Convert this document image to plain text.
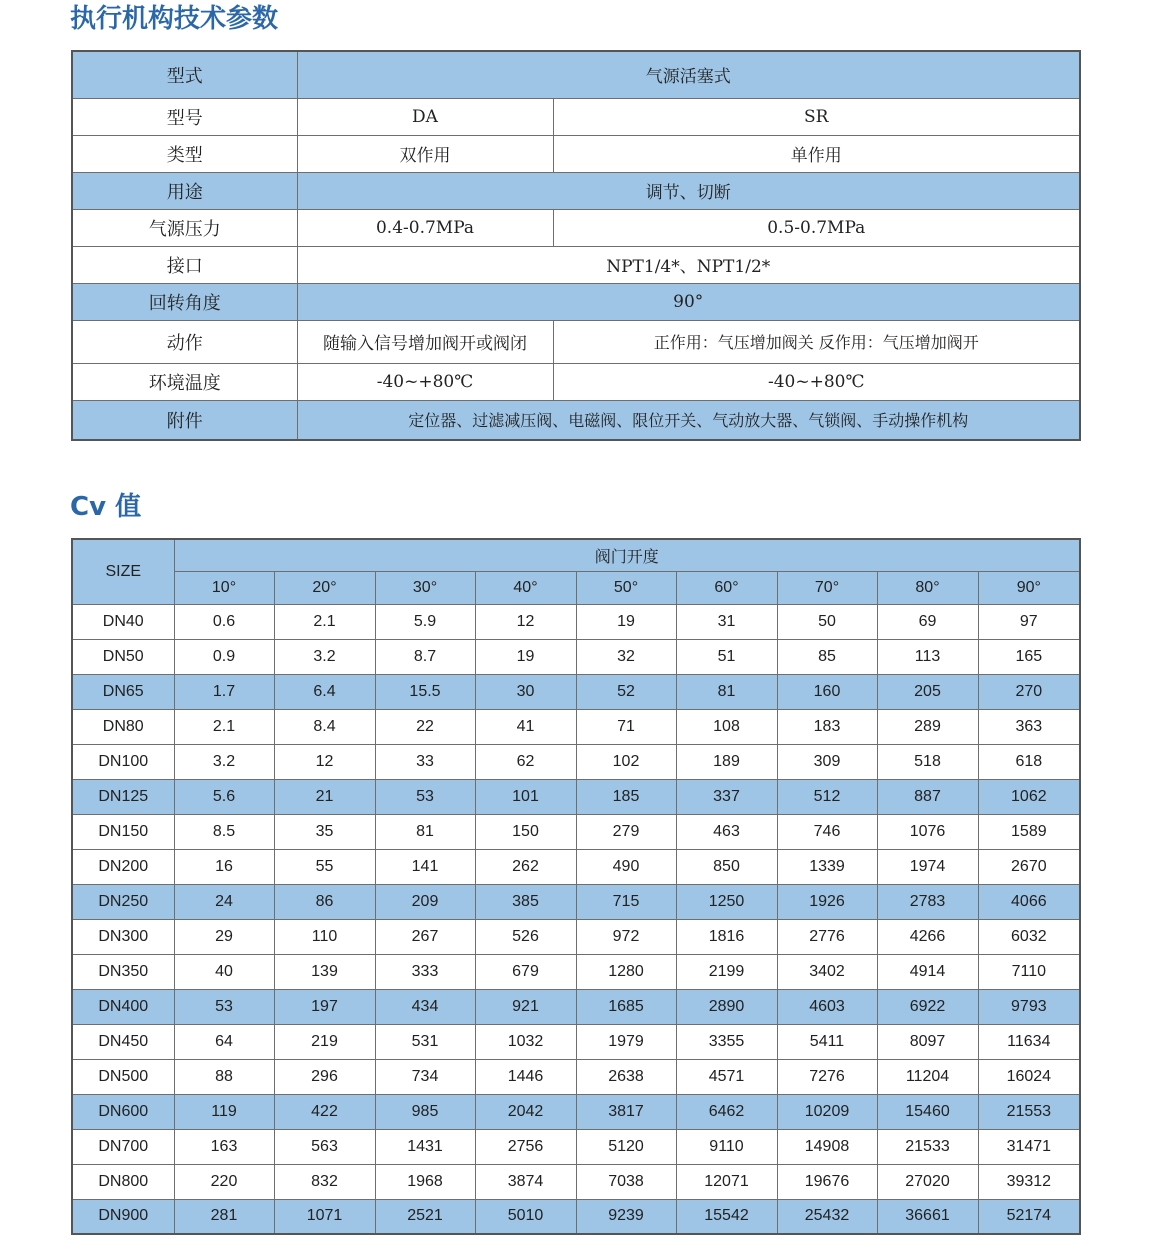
执行机构技术参数
型式	气源活塞式	
型号	DA	SR
类型	双作用	单作用
用途	调节、切断	
气源压力	0.4-0.7MPa	0.5-0.7MPa
接口	NPT1/4*、NPT1/2*	
回转角度	90°	
动作	随输入信号增加阀开或阀闭	正作用：气压增加阀关 反作用：气压增加阀开
环境温度	-40~+80℃	-40~+80℃
附件	定位器、过滤减压阀、电磁阀、限位开关、气动放大器、气锁阀、手动操作机构	
Cv 值
SIZE	阀门开度								
	10°	20°	30°	40°	50°	60°	70°	80°	90°
DN40	0.6	2.1	5.9	12	19	31	50	69	97
DN50	0.9	3.2	8.7	19	32	51	85	113	165
DN65	1.7	6.4	15.5	30	52	81	160	205	270
DN80	2.1	8.4	22	41	71	108	183	289	363
DN100	3.2	12	33	62	102	189	309	518	618
DN125	5.6	21	53	101	185	337	512	887	1062
DN150	8.5	35	81	150	279	463	746	1076	1589
DN200	16	55	141	262	490	850	1339	1974	2670
DN250	24	86	209	385	715	1250	1926	2783	4066
DN300	29	110	267	526	972	1816	2776	4266	6032
DN350	40	139	333	679	1280	2199	3402	4914	7110
DN400	53	197	434	921	1685	2890	4603	6922	9793
DN450	64	219	531	1032	1979	3355	5411	8097	11634
DN500	88	296	734	1446	2638	4571	7276	11204	16024
DN600	119	422	985	2042	3817	6462	10209	15460	21553
DN700	163	563	1431	2756	5120	9110	14908	21533	31471
DN800	220	832	1968	3874	7038	12071	19676	27020	39312
DN900	281	1071	2521	5010	9239	15542	25432	36661	52174
